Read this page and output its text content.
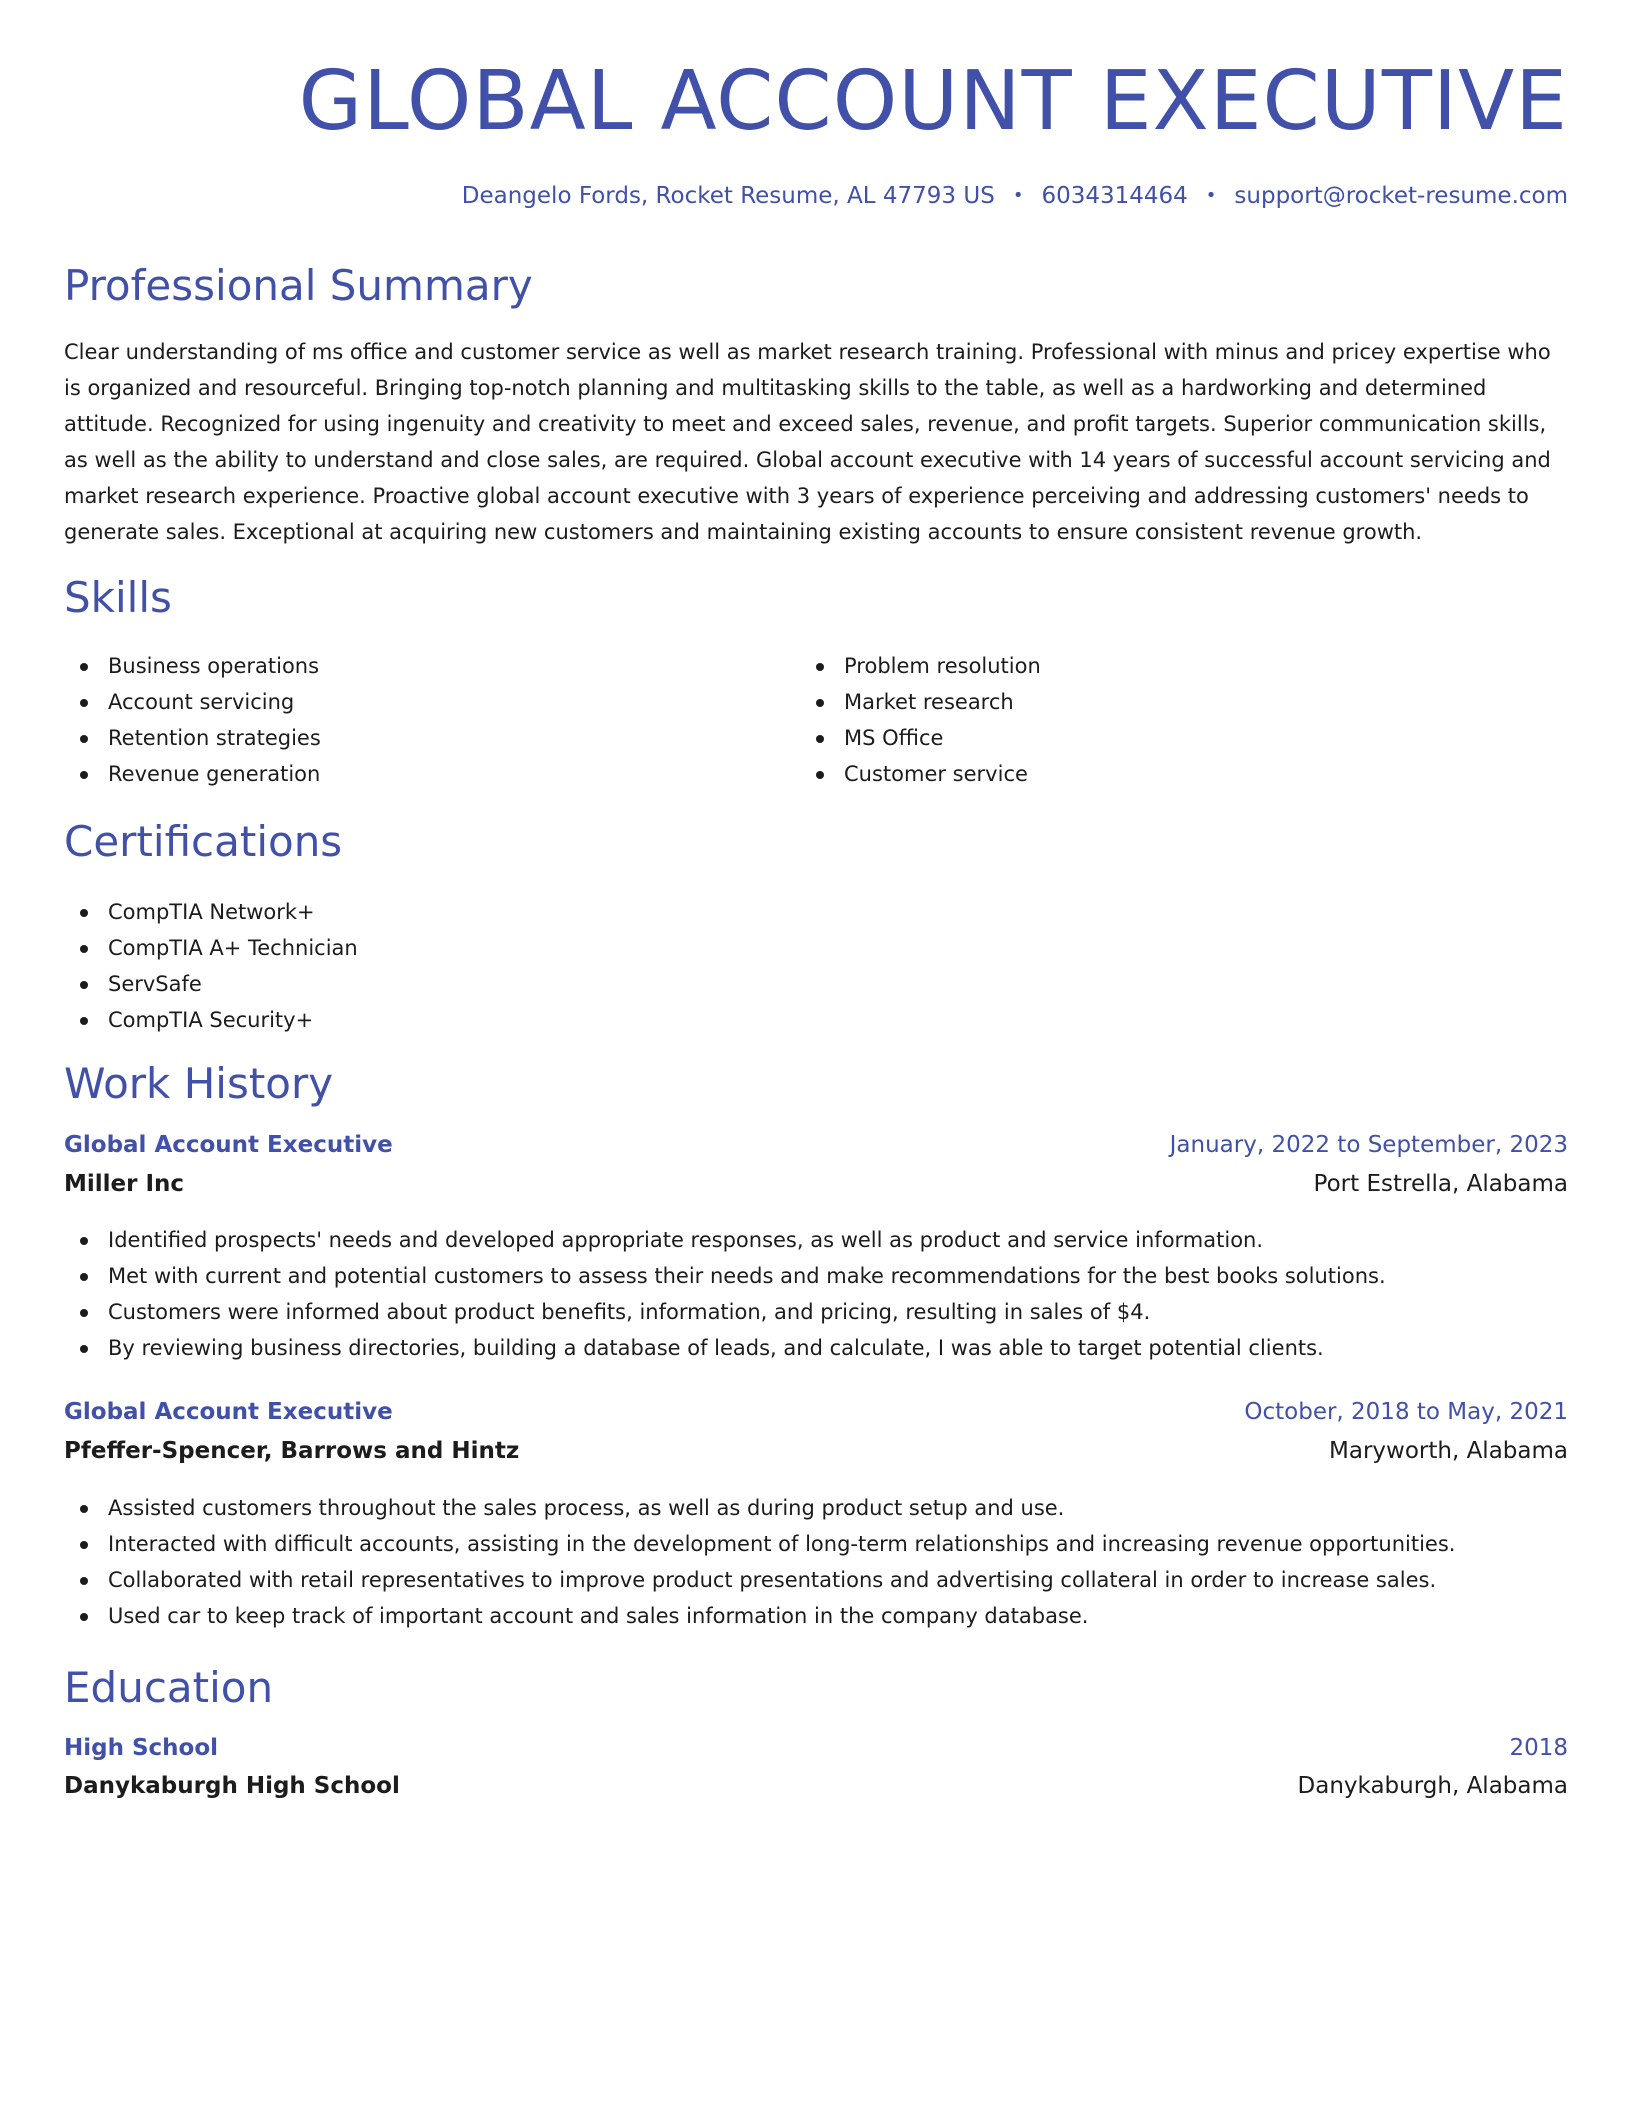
GLOBAL ACCOUNT EXECUTIVE
Deangelo Fords, Rocket Resume, AL 47793 US • 6034314464 • support@rocket-resume.com
Professional Summary

Clear understanding of ms office and customer service as well as market research training. Professional with minus and pricey expertise who is organized and resourceful. Bringing top-notch planning and multitasking skills to the table, as well as a hardworking and determined attitude. Recognized for using ingenuity and creativity to meet and exceed sales, revenue, and profit targets. Superior communication skills, as well as the ability to understand and close sales, are required. Global account executive with 14 years of successful account servicing and market research experience. Proactive global account executive with 3 years of experience perceiving and addressing customers' needs to generate sales. Exceptional at acquiring new customers and maintaining existing accounts to ensure consistent revenue growth.

Skills
Business operations
Account servicing
Retention strategies
Revenue generation
Problem resolution
Market research
MS Office
Customer service
Certifications
CompTIA Network+
CompTIA A+ Technician
ServSafe
CompTIA Security+
Work History
Global Account Executive	January, 2022 to September, 2023
Miller Inc	Port Estrella, Alabama
Identified prospects' needs and developed appropriate responses, as well as product and service information.
Met with current and potential customers to assess their needs and make recommendations for the best books solutions.
Customers were informed about product benefits, information, and pricing, resulting in sales of $4.
By reviewing business directories, building a database of leads, and calculate, I was able to target potential clients.
Global Account Executive	October, 2018 to May, 2021
Pfeffer-Spencer, Barrows and Hintz	Maryworth, Alabama
Assisted customers throughout the sales process, as well as during product setup and use.
Interacted with difficult accounts, assisting in the development of long-term relationships and increasing revenue opportunities.
Collaborated with retail representatives to improve product presentations and advertising collateral in order to increase sales.
Used car to keep track of important account and sales information in the company database.
Education
High School	2018
Danykaburgh High School	Danykaburgh, Alabama
